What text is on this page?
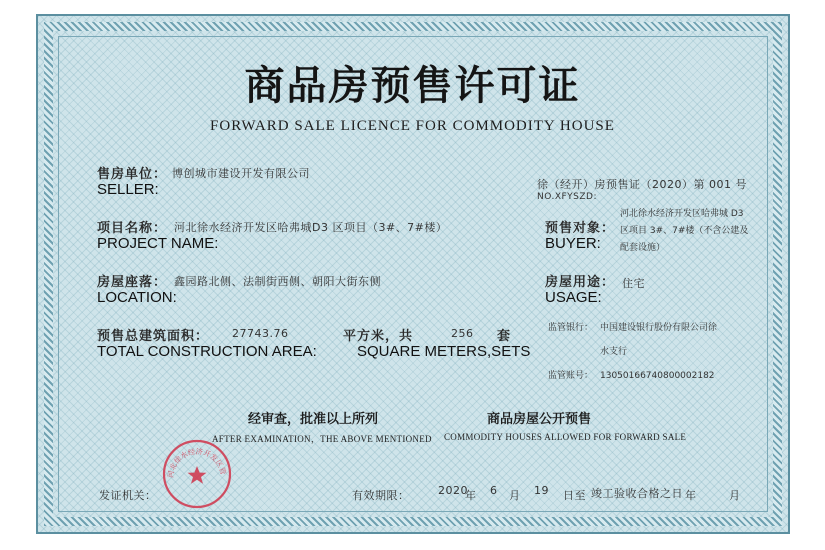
商品房预售许可证
FORWARD SALE LICENCE FOR COMMODITY HOUSE
徐（经开）房预售证（2020）第 001 号
NO.XFYSZD:
售房单位： 博创城市建设开发有限公司
SELLER:
项目名称： 河北徐水经济开发区哈弗城D3 区项目（3#、7#楼）
PROJECT NAME:
预售对象：
BUYER:
河北徐水经济开发区哈弗城 D3
区项目 3#、7#楼（不含公建及
配套设施）
房屋座落： 鑫园路北侧、法制街西侧、朝阳大街东侧
LOCATION:
房屋用途： 住宅
USAGE:
预售总建筑面积： 27743.76	平方米，共	256 套
TOTAL CONSTRUCTION AREA:	SQUARE METERS,SETS
监管银行： 中国建设银行股份有限公司徐
水支行
监管账号： 13050166740800002182
经审查，批准以上所列	商品房屋公开预售
AFTER EXAMINATION，THE ABOVE MENTIONED COMMODITY HOUSES ALLOWED FOR FORWARD SALE
发证机关：	有效期限：	2020
年 6 月 19 日至 竣工验收合格之日 年	月
河北徐水经济开发区管
